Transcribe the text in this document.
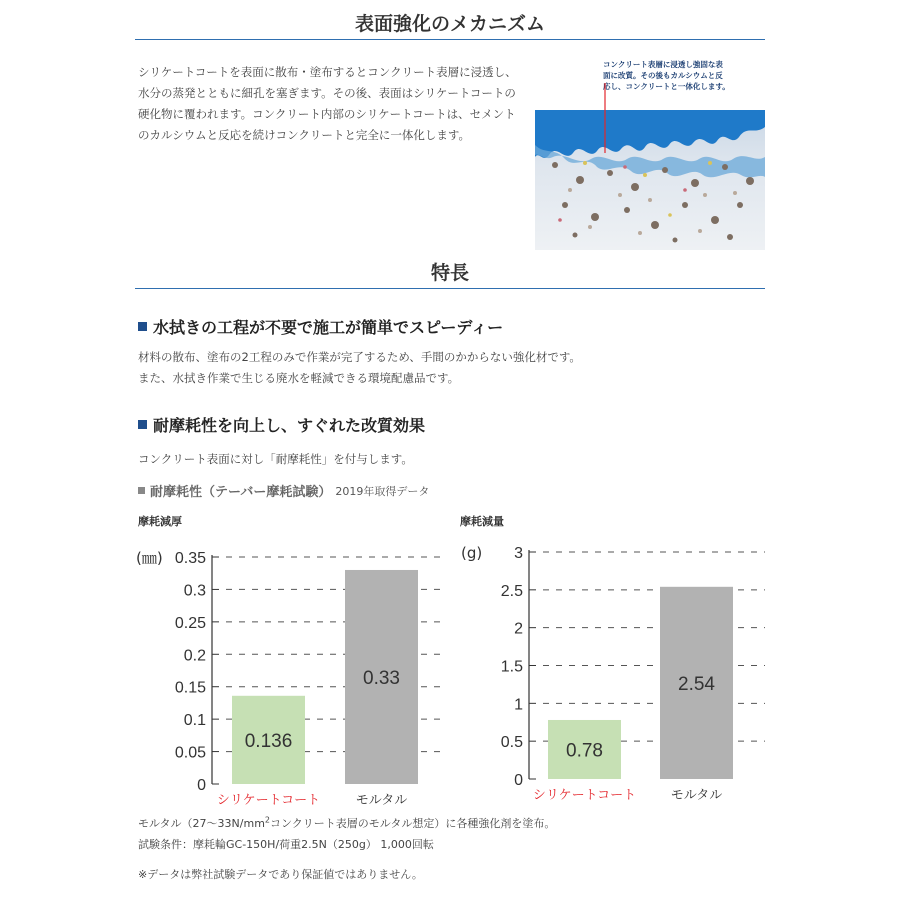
表面強化のメカニズム
シリケートコートを表面に散布・塗布するとコンクリート表層に浸透し、
水分の蒸発とともに細孔を塞ぎます。その後、表面はシリケートコートの
硬化物に覆われます。コンクリート内部のシリケートコートは、セメント
のカルシウムと反応を続けコンクリートと完全に一体化します。
コンクリート表層に浸透し強固な表
面に改質。その後もカルシウムと反
応し、コンクリートと一体化します。
特長
水拭きの工程が不要で施工が簡単でスピーディー
材料の散布、塗布の2工程のみで作業が完了するため、手間のかからない強化材です。
また、水拭き作業で生じる廃水を軽減できる環境配慮品です。
耐摩耗性を向上し、すぐれた改質効果
コンクリート表面に対し「耐摩耗性」を付与します。
耐摩耗性（テーバー摩耗試験） 2019年取得データ
摩耗減厚
(㎜)
0
0.05
0.1
0.15
0.2
0.25
0.3
0.35
0.136
シリケートコート
0.33
モルタル
摩耗減量
(g)
0
0.5
1
1.5
2
2.5
3
0.78
シリケートコート
2.54
モルタル
モルタル（$27\sim 33N/mm^2$コンクリート表層のモルタル想定）に各種強化剤を塗布。
試験条件：摩耗輪GC-150H/荷重2.5N（250g） 1,000回転
※データは弊社試験データであり保証値ではありません。
